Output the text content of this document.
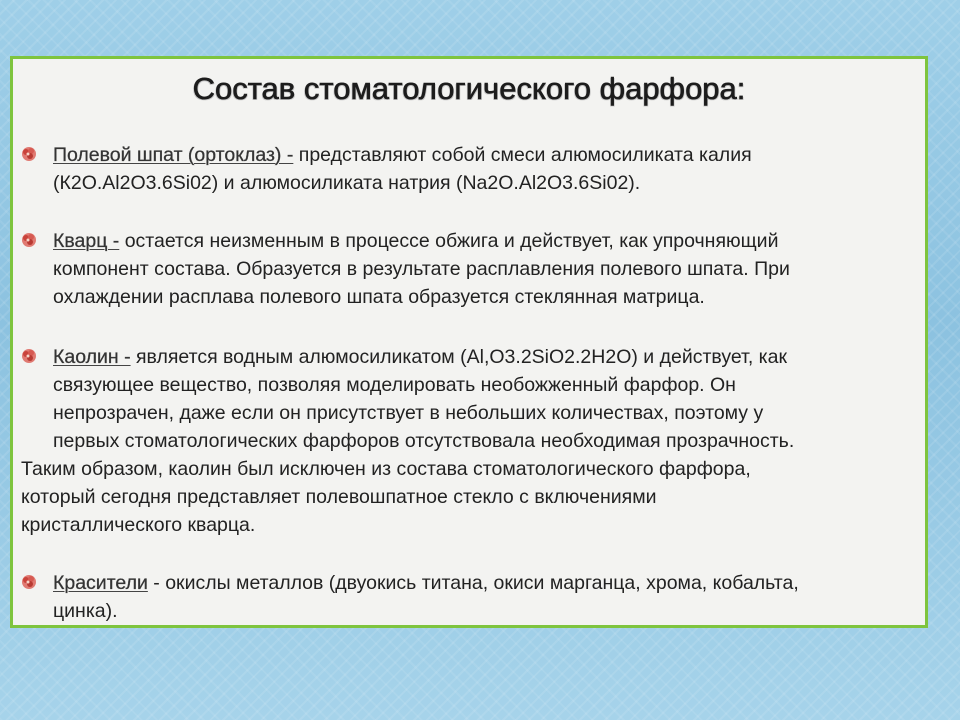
Состав стоматологического фарфора:
Полевой шпат (ортоклаз) - представляют собой смеси алюмосиликата калия
(К2О.Al2O3.6Si02) и алюмосиликата натрия (Na2O.Al2O3.6Si02).
Кварц - остается неизменным в процессе обжига и действует, как упрочняющий
компонент состава. Образуется в результате расплавления полевого шпата. При
охлаждении расплава полевого шпата образуется стеклянная матрица.
Каолин - является водным алюмосиликатом (Al,O3.2SiO2.2H2O) и действует, как
связующее вещество, позволяя моделировать необожженный фарфор. Он
непрозрачен, даже если он присутствует в небольших количествах, поэтому у
первых стоматологических фарфоров отсутствовала необходимая прозрачность.
Таким образом, каолин был исключен из состава стоматологического фарфора,
который сегодня представляет полевошпатное стекло с включениями
кристаллического кварца.
Красители - окислы металлов (двуокись титана, окиси марганца, хрома, кобальта,
цинка).
